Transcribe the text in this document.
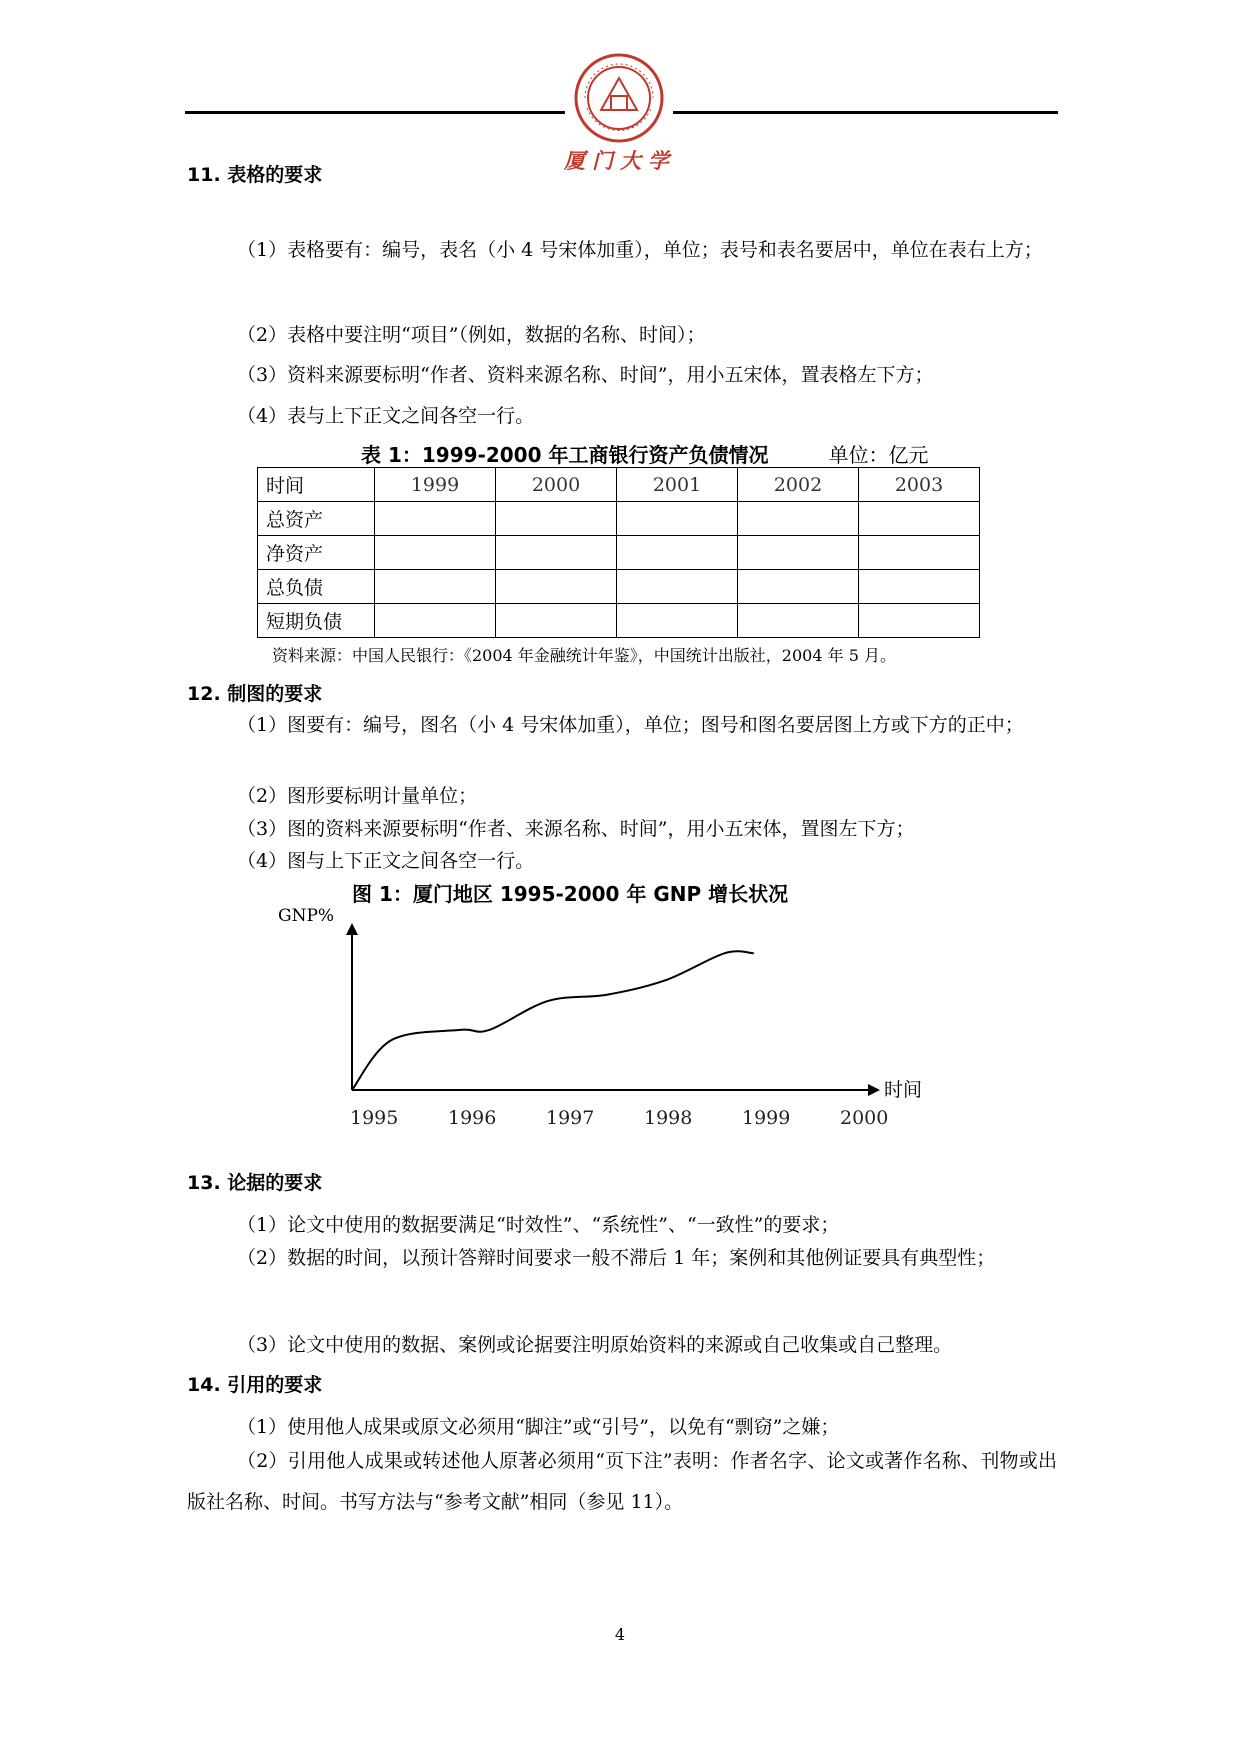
厦门大学
11. 表格的要求
（1）表格要有：编号，表名（小 4 号宋体加重），单位；表号和表名要居中，单位在表右上方；
（2）表格中要注明“项目”（例如，数据的名称、时间）；
（3）资料来源要标明“作者、资料来源名称、时间”，用小五宋体，置表格左下方；
（4）表与上下正文之间各空一行。
表 1：1999-2000 年工商银行资产负债情况	单位：亿元
时间	1999	2000	2001	2002	2003
总资产					
净资产					
总负债					
短期负债					
资料来源：中国人民银行：《2004 年金融统计年鉴》，中国统计出版社，2004 年 5 月。
12. 制图的要求
（1）图要有：编号，图名（小 4 号宋体加重），单位；图号和图名要居图上方或下方的正中；
（2）图形要标明计量单位；
（3）图的资料来源要标明“作者、来源名称、时间”，用小五宋体，置图左下方；
（4）图与上下正文之间各空一行。
图 1：厦门地区 1995-2000 年 GNP 增长状况
GNP%
时间
1995	1996	1997	1998	1999	2000
13. 论据的要求
（1）论文中使用的数据要满足“时效性”、“系统性”、“一致性”的要求；
（2）数据的时间，以预计答辩时间要求一般不滞后 1 年；案例和其他例证要具有典型性；
（3）论文中使用的数据、案例或论据要注明原始资料的来源或自己收集或自己整理。
14. 引用的要求
（1）使用他人成果或原文必须用“脚注”或“引号”，以免有“剽窃”之嫌；
（2）引用他人成果或转述他人原著必须用“页下注”表明：作者名字、论文或著作名称、刊物或出版社名称、时间。书写方法与“参考文献”相同（参见 11）。
4
